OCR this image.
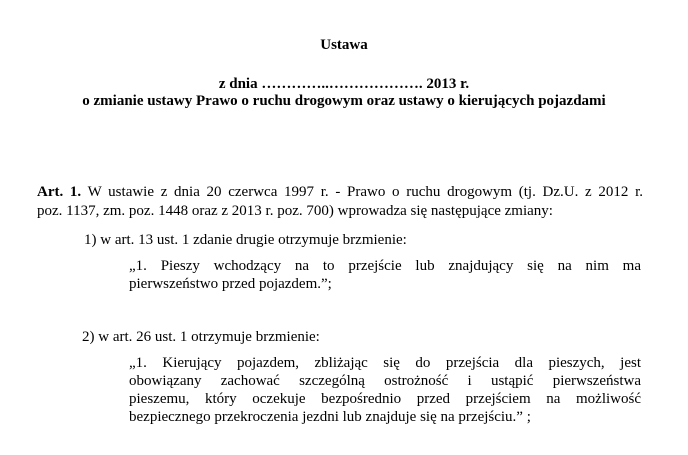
Ustawa
z dnia …………..………………. 2013 r.
o zmianie ustawy Prawo o ruchu drogowym oraz ustawy o kierujących pojazdami
Art. 1. W ustawie z dnia 20 czerwca 1997 r. - Prawo o ruchu drogowym (tj. Dz.U. z 2012 r.
poz. 1137, zm. poz. 1448 oraz z 2013 r. poz. 700) wprowadza się następujące zmiany:
1) w art. 13 ust. 1 zdanie drugie otrzymuje brzmienie:
„1. Pieszy wchodzący na to przejście lub znajdujący się na nim ma
pierwszeństwo przed pojazdem.”;
2) w art. 26 ust. 1 otrzymuje brzmienie:
„1. Kierujący pojazdem, zbliżając się do przejścia dla pieszych, jest
obowiązany zachować szczególną ostrożność i ustąpić pierwszeństwa
pieszemu, który oczekuje bezpośrednio przed przejściem na możliwość
bezpiecznego przekroczenia jezdni lub znajduje się na przejściu.” ;
